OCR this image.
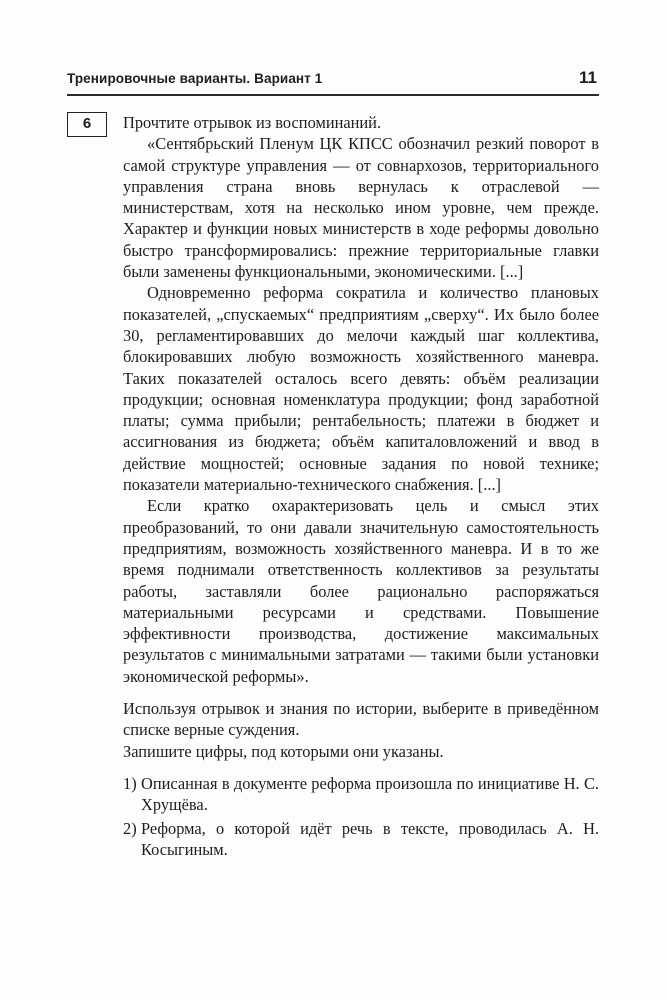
Тренировочные варианты. Вариант 1	11
6	Прочтите отрывок из воспоминаний.

«Сентябрьский Пленум ЦК КПСС обозначил резкий поворот в самой структуре управления — от совнархозов, территориального управления страна вновь вернулась к отраслевой — министерствам, хотя на несколько ином уровне, чем прежде. Характер и функции новых министерств в ходе реформы довольно быстро трансформировались: прежние территориальные главки были заменены функциональными, экономическими. [...]

Одновременно реформа сократила и количество плановых показателей, „спускаемых“ предприятиям „сверху“. Их было более 30, регламентировавших до мелочи каждый шаг коллектива, блокировавших любую возможность хозяйственного маневра. Таких показателей осталось всего девять: объём реализации продукции; основная номенклатура продукции; фонд заработной платы; сумма прибыли; рентабельность; платежи в бюджет и ассигнования из бюджета; объём капиталовложений и ввод в действие мощностей; основные задания по новой технике; показатели материально-технического снабжения. [...]

Если кратко охарактеризовать цель и смысл этих преобразований, то они давали значительную самостоятельность предприятиям, возможность хозяйственного маневра. И в то же время поднимали ответственность коллективов за результаты работы, заставляли более рационально распоряжаться материальными ресурсами и средствами. Повышение эффективности производства, достижение максимальных результатов с минимальными затратами — такими были установки экономической реформы».

Используя отрывок и знания по истории, выберите в приведённом списке верные суждения.

Запишите цифры, под которыми они указаны.

1) Описанная в документе реформа произошла по инициативе Н. С. Хрущёва.
2) Реформа, о которой идёт речь в тексте, проводилась А. Н. Косыгиным.
